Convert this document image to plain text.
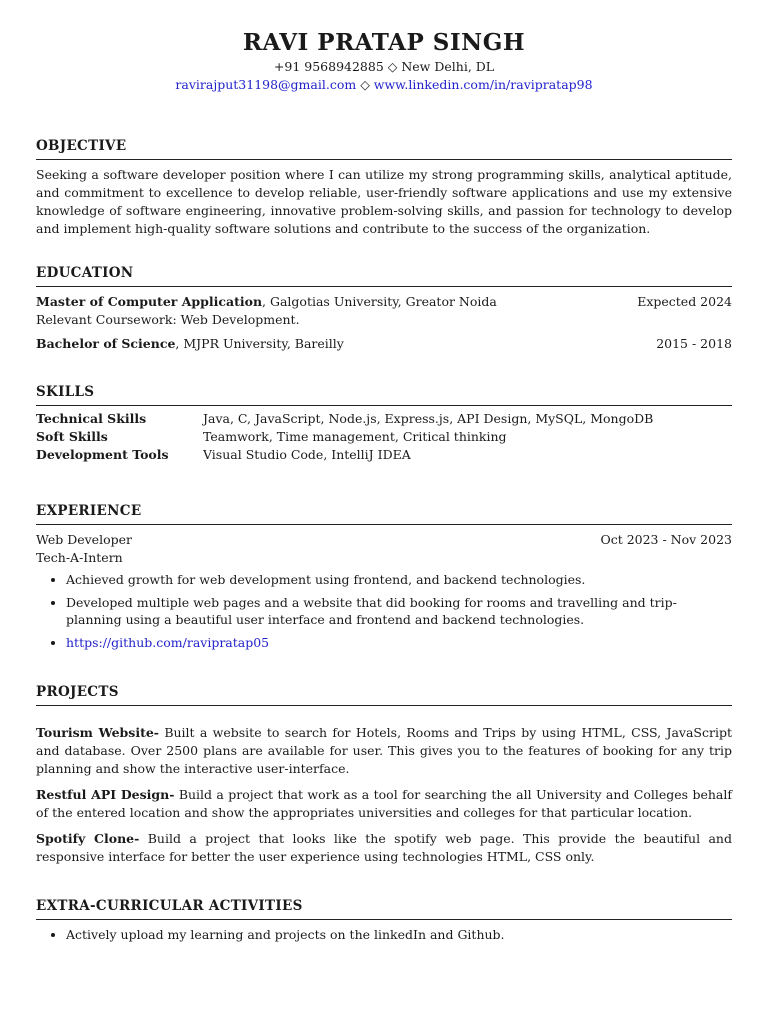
RAVI PRATAP SINGH
+91 9568942885 ◇ New Delhi, DL
ravirajput31198@gmail.com ◇ www.linkedin.com/in/ravipratap98
OBJECTIVE

Seeking a software developer position where I can utilize my strong programming skills, analytical aptitude, and commitment to excellence to develop reliable, user-friendly software applications and use my extensive knowledge of software engineering, innovative problem-solving skills, and passion for technology to develop and implement high-quality software solutions and contribute to the success of the organization.

EDUCATION
Master of Computer Application, Galgotias University, Greator Noida	Expected 2024
Relevant Coursework: Web Development.
Bachelor of Science, MJPR University, Bareilly	2015 - 2018
SKILLS
Technical Skills	Java, C, JavaScript, Node.js, Express.js, API Design, MySQL, MongoDB
Soft Skills	Teamwork, Time management, Critical thinking
Development Tools	Visual Studio Code, IntelliJ IDEA
EXPERIENCE
Web Developer	Oct 2023 - Nov 2023
Tech-A-Intern
• Achieved growth for web development using frontend, and backend technologies.
• Developed multiple web pages and a website that did booking for rooms and travelling and trip-planning using a beautiful user interface and frontend and backend technologies.
• https://github.com/ravipratap05
PROJECTS

Tourism Website- Built a website to search for Hotels, Rooms and Trips by using HTML, CSS, JavaScript and database. Over 2500 plans are available for user. This gives you to the features of booking for any trip planning and show the interactive user-interface.

Restful API Design- Build a project that work as a tool for searching the all University and Colleges behalf of the entered location and show the appropriates universities and colleges for that particular location.

Spotify Clone- Build a project that looks like the spotify web page. This provide the beautiful and responsive interface for better the user experience using technologies HTML, CSS only.

EXTRA-CURRICULAR ACTIVITIES
• Actively upload my learning and projects on the linkedIn and Github.
